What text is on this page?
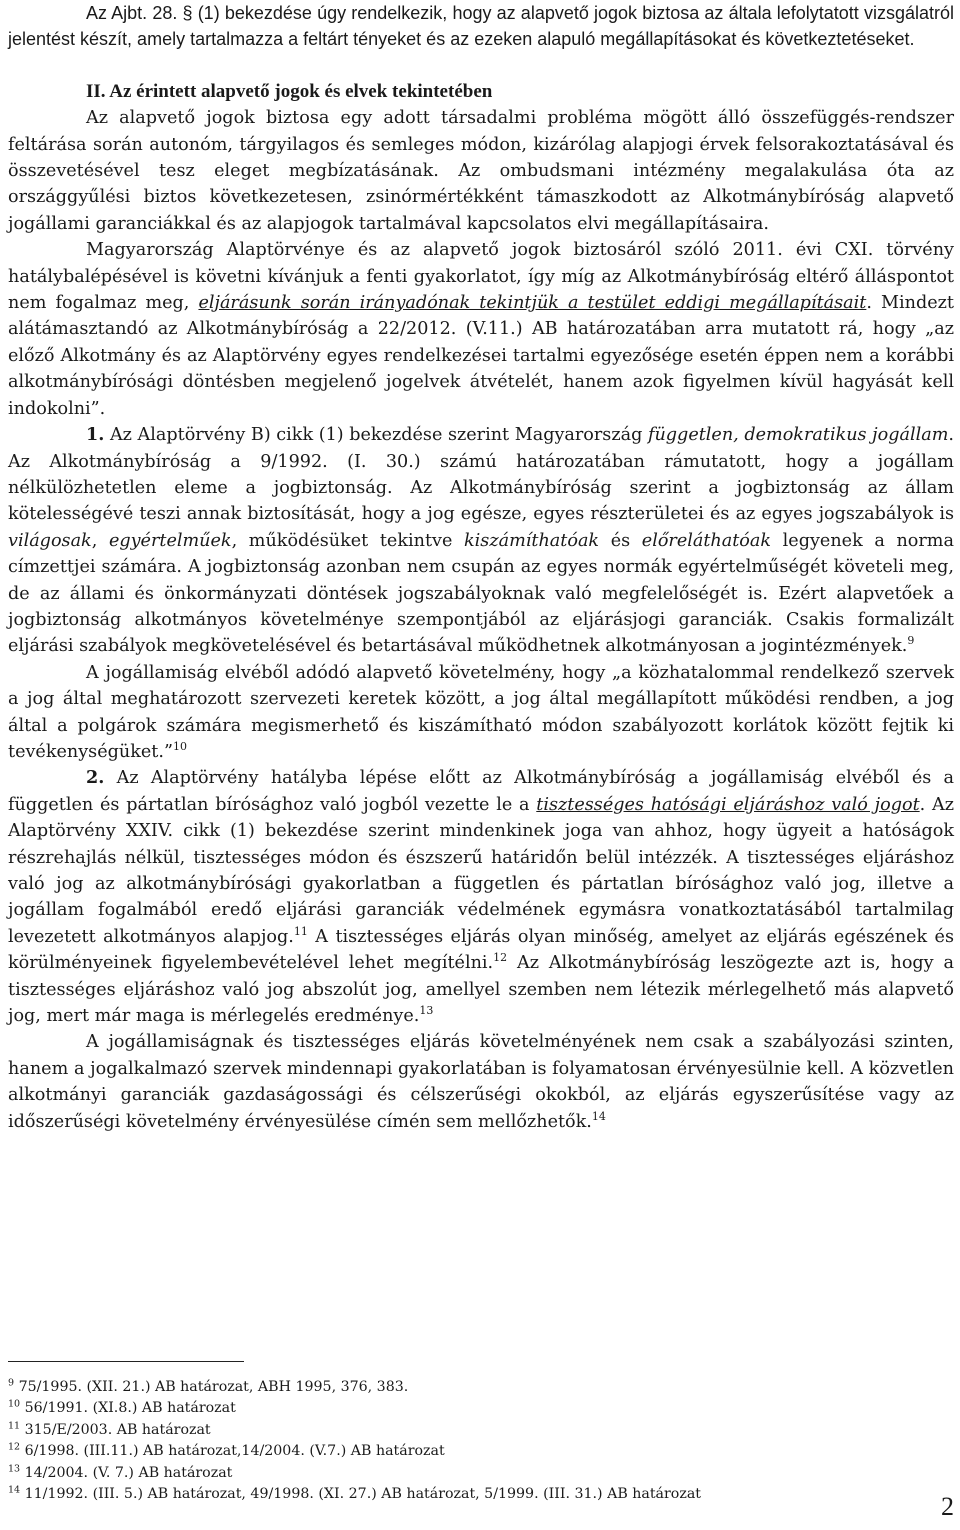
Az Ajbt. 28. § (1) bekezdése úgy rendelkezik, hogy az alapvető jogok biztosa az általa lefolytatott vizsgálatról jelentést készít, amely tartalmazza a feltárt tényeket és az ezeken alapuló megállapításokat és következtetéseket.

II. Az érintett alapvető jogok és elvek tekintetében

Az alapvető jogok biztosa egy adott társadalmi probléma mögött álló összefüggés-rendszer feltárása során autonóm, tárgyilagos és semleges módon, kizárólag alapjogi érvek felsorakoztatásával és összevetésével tesz eleget megbízatásának. Az ombudsmani intézmény megalakulása óta az országgyűlési biztos következetesen, zsinórmértékként támaszkodott az Alkotmánybíróság alapvető jogállami garanciákkal és az alapjogok tartalmával kapcsolatos elvi megállapításaira.

Magyarország Alaptörvénye és az alapvető jogok biztosáról szóló 2011. évi CXI. törvény hatálybalépésével is követni kívánjuk a fenti gyakorlatot, így míg az Alkotmánybíróság eltérő álláspontot nem fogalmaz meg, eljárásunk során irányadónak tekintjük a testület eddigi megállapításait. Mindezt alátámasztandó az Alkotmánybíróság a 22/2012. (V.11.) AB határozatában arra mutatott rá, hogy „az előző Alkotmány és az Alaptörvény egyes rendelkezései tartalmi egyezősége esetén éppen nem a korábbi alkotmánybírósági döntésben megjelenő jogelvek átvételét, hanem azok figyelmen kívül hagyását kell indokolni”.

1. Az Alaptörvény B) cikk (1) bekezdése szerint Magyarország független, demokratikus jogállam. Az Alkotmánybíróság a 9/1992. (I. 30.) számú határozatában rámutatott, hogy a jogállam nélkülözhetetlen eleme a jogbiztonság. Az Alkotmánybíróság szerint a jogbiztonság az állam kötelességévé teszi annak biztosítását, hogy a jog egésze, egyes részterületei és az egyes jogszabályok is világosak, egyértelműek, működésüket tekintve kiszámíthatóak és előreláthatóak legyenek a norma címzettjei számára. A jogbiztonság azonban nem csupán az egyes normák egyértelműségét követeli meg, de az állami és önkormányzati döntések jogszabályoknak való megfelelőségét is. Ezért alapvetőek a jogbiztonság alkotmányos követelménye szempontjából az eljárásjogi garanciák. Csakis formalizált eljárási szabályok megkövetelésével és betartásával működhetnek alkotmányosan a jogintézmények.$^9$

A jogállamiság elvéből adódó alapvető követelmény, hogy „a közhatalommal rendelkező szervek a jog által meghatározott szervezeti keretek között, a jog által megállapított működési rendben, a jog által a polgárok számára megismerhető és kiszámítható módon szabályozott korlátok között fejtik ki tevékenységüket.”$^{10}$

2. Az Alaptörvény hatályba lépése előtt az Alkotmánybíróság a jogállamiság elvéből és a független és pártatlan bírósághoz való jogból vezette le a tisztességes hatósági eljáráshoz való jogot. Az Alaptörvény XXIV. cikk (1) bekezdése szerint mindenkinek joga van ahhoz, hogy ügyeit a hatóságok részrehajlás nélkül, tisztességes módon és észszerű határidőn belül intézzék. A tisztességes eljáráshoz való jog az alkotmánybírósági gyakorlatban a független és pártatlan bírósághoz való jog, illetve a jogállam fogalmából eredő eljárási garanciák védelmének egymásra vonatkoztatásából tartalmilag levezetett alkotmányos alapjog.$^{11}$ A tisztességes eljárás olyan minőség, amelyet az eljárás egészének és körülményeinek figyelembevételével lehet megítélni.$^{12}$ Az Alkotmánybíróság leszögezte azt is, hogy a tisztességes eljáráshoz való jog abszolút jog, amellyel szemben nem létezik mérlegelhető más alapvető jog, mert már maga is mérlegelés eredménye.$^{13}$

A jogállamiságnak és tisztességes eljárás követelményének nem csak a szabályozási szinten, hanem a jogalkalmazó szervek mindennapi gyakorlatában is folyamatosan érvényesülnie kell. A közvetlen alkotmányi garanciák gazdaságossági és célszerűségi okokból, az eljárás egyszerűsítése vagy az időszerűségi követelmény érvényesülése címén sem mellőzhetők.$^{14}$

$^9$ 75/1995. (XII. 21.) AB határozat, ABH 1995, 376, 383.

$^{10}$ 56/1991. (XI.8.) AB határozat

$^{11}$ 315/E/2003. AB határozat

$^{12}$ 6/1998. (III.11.) AB határozat,14/2004. (V.7.) AB határozat

$^{13}$ 14/2004. (V. 7.) AB határozat

$^{14}$ 11/1992. (III. 5.) AB határozat, 49/1998. (XI. 27.) AB határozat, 5/1999. (III. 31.) AB határozat	2
